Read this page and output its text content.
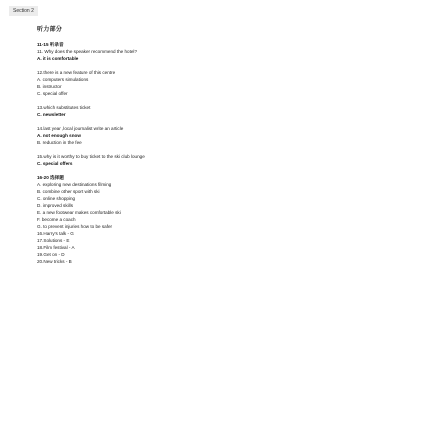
Section 2
听力部分
11-15 听录音
11. Why does the speaker recommend the hotel?
A. it is comfortable
12.there is a new feature of this centre
A. computers simulations
B. instructor
C. special offer
13.which substitutes ticket
C. newsletter
14.last year ,local journalist write an article
A. not enough snow
B. reduction in the fee
15.why is it worthy to buy ticket to the ski club lounge
C. special offers
16-20 选择题
A. exploring new destinations filming
B. combine other sport with ski
C. online shopping
D. improved skills
E. a new footwear makes comfortable ski
F. become a coach
G. to prevent injuries how to be safer
16.Harry's talk - G
17.Solutions - E
18.Film festival - A
19.Get on - D
20.New tricks - B
